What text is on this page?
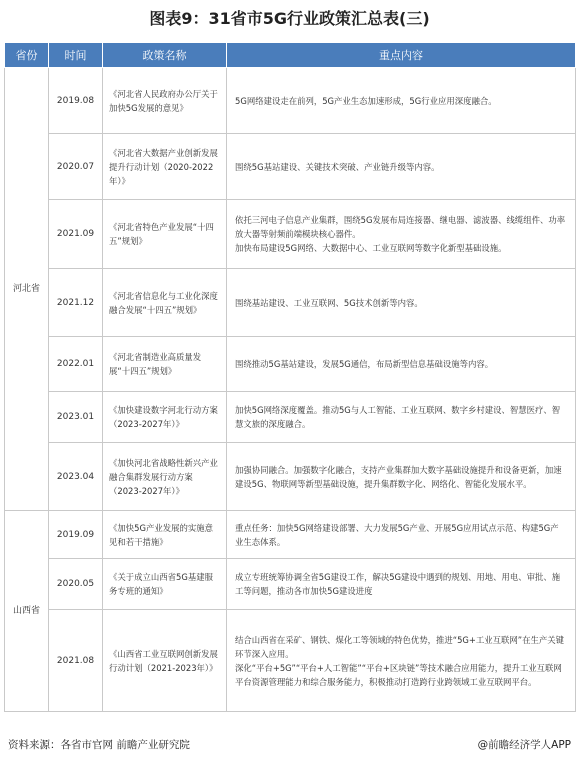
图表9：31省市5G行业政策汇总表(三)
省份	时间	政策名称	重点内容
河北省	2019.08	《河北省人民政府办公厅关于加快5G发展的意见》	5G网络建设走在前列，5G产业生态加速形成，5G行业应用深度融合。

	2020.07	《河北省大数据产业创新发展提升行动计划（2020-2022年）》	围绕5G基站建设、关键技术突破、产业链升级等内容。

	2021.09	《河北省特色产业发展“十四五”规划》	依托三河电子信息产业集群，围绕5G发展布局连接器、继电器、滤波器、线缆组件、功率放大器等射频前端模块核心器件。
加快布局建设5G网络、大数据中心、工业互联网等数字化新型基础设施。

	2021.12	《河北省信息化与工业化深度融合发展“十四五”规划》	围绕基站建设、工业互联网、5G技术创新等内容。

	2022.01	《河北省制造业高质量发展“十四五”规划》	围绕推动5G基站建设，发展5G通信，布局新型信息基础设施等内容。

	2023.01	《加快建设数字河北行动方案（2023-2027年）》	加快5G网络深度覆盖。推动5G与人工智能、工业互联网、数字乡村建设、智慧医疗、智慧文旅的深度融合。

	2023.04	《加快河北省战略性新兴产业融合集群发展行动方案（2023-2027年）》	加强协同融合。加强数字化融合，支持产业集群加大数字基础设施提升和设备更新，加速建设5G、物联网等新型基础设施，提升集群数字化、网络化、智能化发展水平。

山西省	2019.09	《加快5G产业发展的实施意见和若干措施》	重点任务：加快5G网络建设部署、大力发展5G产业、开展5G应用试点示范、构建5G产业生态体系。

	2020.05	《关于成立山西省5G基建服务专班的通知》	成立专班统筹协调全省5G建设工作，解决5G建设中遇到的规划、用地、用电、审批、施工等问题，推动各市加快5G建设进度

	2021.08	《山西省工业互联网创新发展行动计划（2021-2023年）》	结合山西省在采矿、钢铁、煤化工等领域的特色优势，推进“5G+工业互联网”在生产关键环节深入应用。
深化“平台+5G”“平台+人工智能”“平台+区块链”等技术融合应用能力，提升工业互联网平台资源管理能力和综合服务能力，积极推动打造跨行业跨领域工业互联网平台。
资料来源：各省市官网 前瞻产业研究院	@前瞻经济学人APP
